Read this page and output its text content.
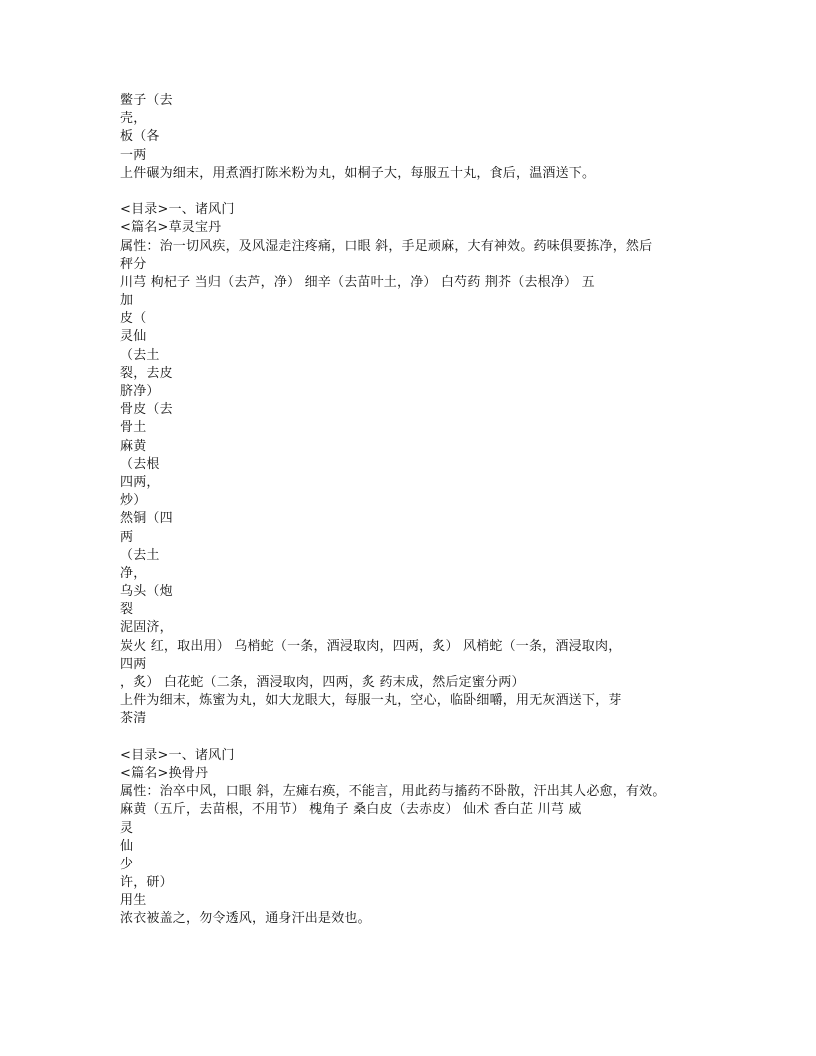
鳖子（去
壳，
板（各
一两
上件碾为细末，用煮酒打陈米粉为丸，如桐子大，每服五十丸，食后，温酒送下。
<目录>一、诸风门
<篇名>草灵宝丹
属性：治一切风疾，及风湿走注疼痛，口眼 斜，手足顽麻，大有神效。药味俱要拣净，然后
秤分
川芎 枸杞子 当归（去芦，净） 细辛（去苗叶土，净） 白芍药 荆芥（去根净） 五
加
皮（
灵仙
（去土
裂，去皮
脐净）
骨皮（去
骨土
麻黄
（去根
四两，
炒）
然铜（四
两
（去土
净，
乌头（炮
裂
泥固济，
炭火 红，取出用） 乌梢蛇（一条，酒浸取肉，四两，炙） 风梢蛇（一条，酒浸取肉，
四两
，炙） 白花蛇（二条，酒浸取肉，四两，炙 药末成，然后定蜜分两）
上件为细末，炼蜜为丸，如大龙眼大，每服一丸，空心，临卧细嚼，用无灰酒送下，芽
茶清
<目录>一、诸风门
<篇名>换骨丹
属性：治卒中风，口眼 斜，左瘫右痪，不能言，用此药与搐药不卧散，汗出其人必愈，有效。
麻黄（五斤，去苗根，不用节） 槐角子 桑白皮（去赤皮） 仙术 香白芷 川芎 威
灵
仙
少
许，研）
用生
浓衣被盖之，勿令透风，通身汗出是效也。
